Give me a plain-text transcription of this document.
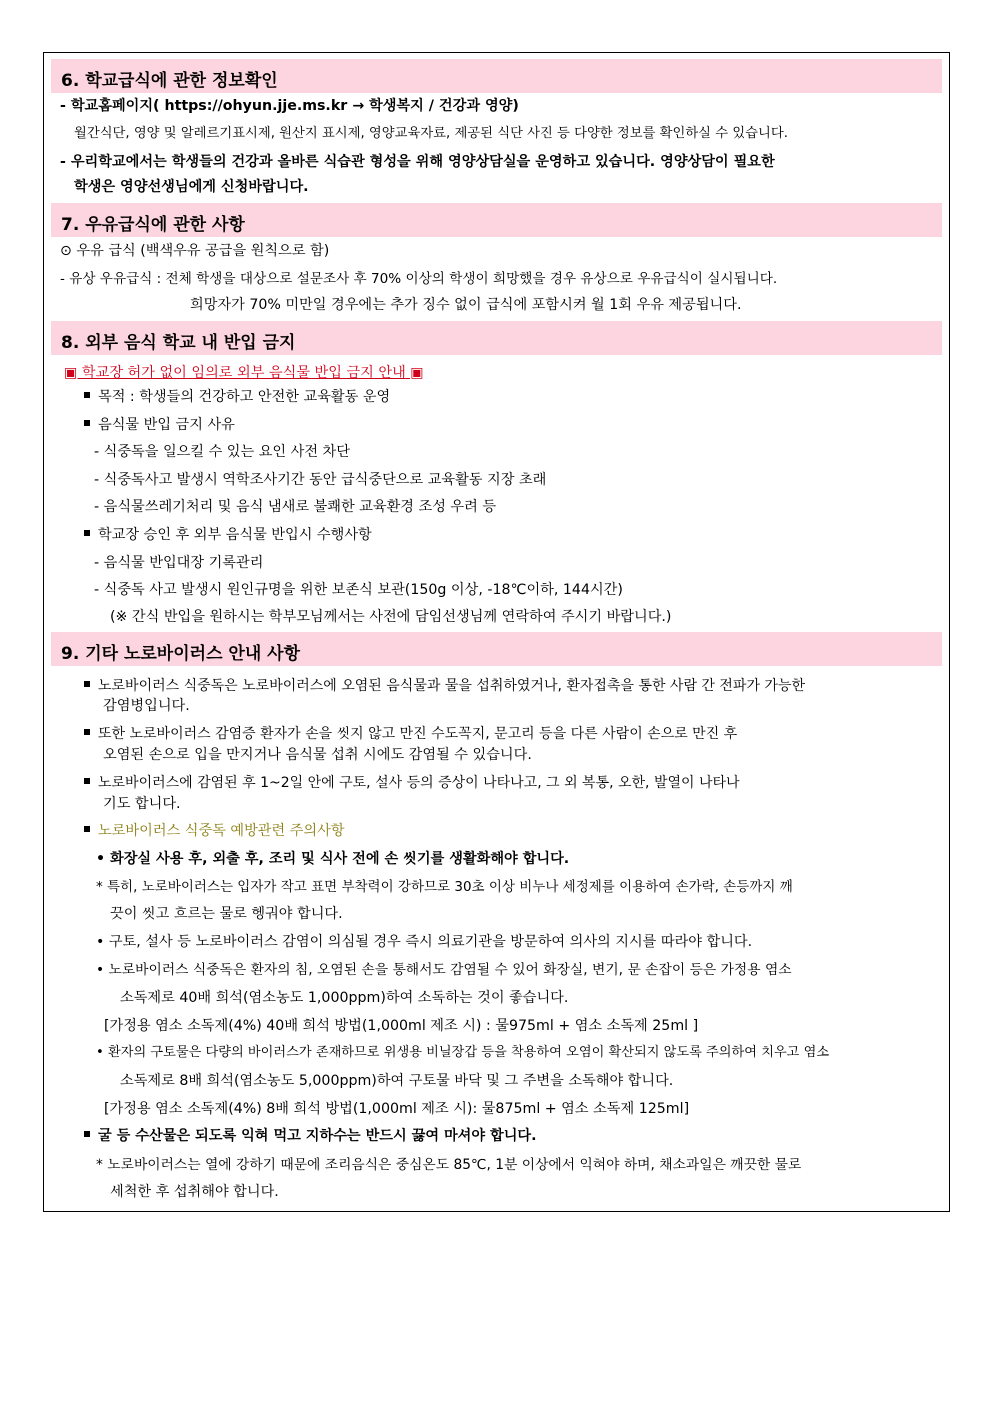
6. 학교급식에 관한 정보확인
- 학교홈페이지( https://ohyun.jje.ms.kr → 학생복지 / 건강과 영양)
월간식단, 영양 및 알레르기표시제, 원산지 표시제, 영양교육자료, 제공된 식단 사진 등 다양한 정보를 확인하실 수 있습니다.
- 우리학교에서는 학생들의 건강과 올바른 식습관 형성을 위해 영양상담실을 운영하고 있습니다. 영양상담이 필요한
학생은 영양선생님에게 신청바랍니다.
7. 우유급식에 관한 사항
⊙ 우유 급식 (백색우유 공급을 원칙으로 함)
- 유상 우유급식 : 전체 학생을 대상으로 설문조사 후 70% 이상의 학생이 희망했을 경우 유상으로 우유급식이 실시됩니다.
희망자가 70% 미만일 경우에는 추가 징수 없이 급식에 포함시켜 월 1회 우유 제공됩니다.
8. 외부 음식 학교 내 반입 금지
▣ 학교장 허가 없이 임의로 외부 음식물 반입 금지 안내 ▣
목적 : 학생들의 건강하고 안전한 교육활동 운영
음식물 반입 금지 사유
- 식중독을 일으킬 수 있는 요인 사전 차단
- 식중독사고 발생시 역학조사기간 동안 급식중단으로 교육활동 지장 초래
- 음식물쓰레기처리 및 음식 냄새로 불쾌한 교육환경 조성 우려 등
학교장 승인 후 외부 음식물 반입시 수행사항
- 음식물 반입대장 기록관리
- 식중독 사고 발생시 원인규명을 위한 보존식 보관(150g 이상, -18℃이하, 144시간)
(※ 간식 반입을 원하시는 학부모님께서는 사전에 담임선생님께 연락하여 주시기 바랍니다.)
9. 기타 노로바이러스 안내 사항
노로바이러스 식중독은 노로바이러스에 오염된 음식물과 물을 섭취하였거나, 환자접촉을 통한 사람 간 전파가 가능한
감염병입니다.
또한 노로바이러스 감염증 환자가 손을 씻지 않고 만진 수도꼭지, 문고리 등을 다른 사람이 손으로 만진 후
오염된 손으로 입을 만지거나 음식물 섭취 시에도 감염될 수 있습니다.
노로바이러스에 감염된 후 1~2일 안에 구토, 설사 등의 증상이 나타나고, 그 외 복통, 오한, 발열이 나타나
기도 합니다.
노로바이러스 식중독 예방관련 주의사항
• 화장실 사용 후, 외출 후, 조리 및 식사 전에 손 씻기를 생활화해야 합니다.
* 특히, 노로바이러스는 입자가 작고 표면 부착력이 강하므로 30초 이상 비누나 세정제를 이용하여 손가락, 손등까지 깨
끗이 씻고 흐르는 물로 헹궈야 합니다.
• 구토, 설사 등 노로바이러스 감염이 의심될 경우 즉시 의료기관을 방문하여 의사의 지시를 따라야 합니다.
• 노로바이러스 식중독은 환자의 침, 오염된 손을 통해서도 감염될 수 있어 화장실, 변기, 문 손잡이 등은 가정용 염소
소독제로 40배 희석(염소농도 1,000ppm)하여 소독하는 것이 좋습니다.
[가정용 염소 소독제(4%) 40배 희석 방법(1,000ml 제조 시) : 물975ml + 염소 소독제 25ml ]
• 환자의 구토물은 다량의 바이러스가 존재하므로 위생용 비닐장갑 등을 착용하여 오염이 확산되지 않도록 주의하여 치우고 염소
소독제로 8배 희석(염소농도 5,000ppm)하여 구토물 바닥 및 그 주변을 소독해야 합니다.
[가정용 염소 소독제(4%) 8배 희석 방법(1,000ml 제조 시): 물875ml + 염소 소독제 125ml]
굴 등 수산물은 되도록 익혀 먹고 지하수는 반드시 끓여 마셔야 합니다.
* 노로바이러스는 열에 강하기 때문에 조리음식은 중심온도 85℃, 1분 이상에서 익혀야 하며, 채소과일은 깨끗한 물로
세척한 후 섭취해야 합니다.
